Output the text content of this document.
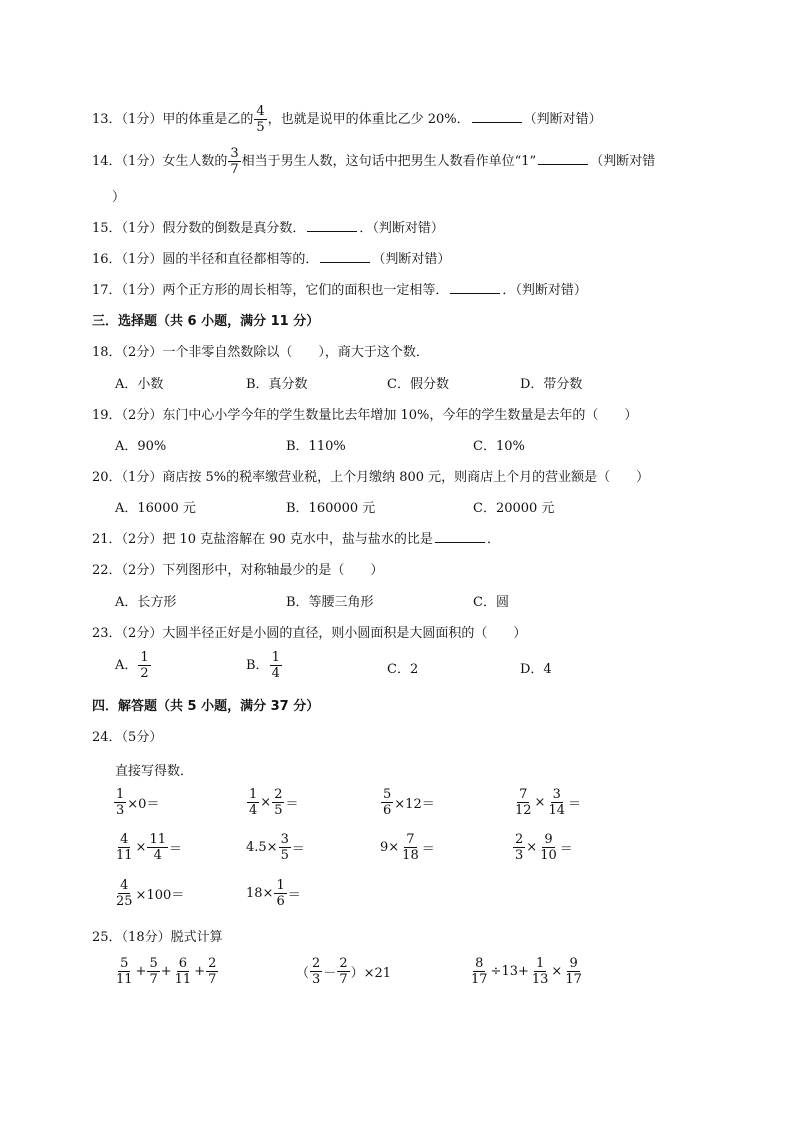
13．（1分）甲的体重是乙的 $\frac{4}{5}$ ，也就是说甲的体重比乙少 20%．	（判断对错）
14．（1分）女生人数的 $\frac{3}{7}$ 相当于男生人数，这句话中把男生人数看作单位“1”	（判断对错
）
15．（1分）假分数的倒数是真分数．	．（判断对错）
16．（1分）圆的半径和直径都相等的．	（判断对错）
17．（1分）两个正方形的周长相等，它们的面积也一定相等．	．（判断对错）
三．选择题（共 6 小题，满分 11 分）
18．（2分）一个非零自然数除以（　　），商大于这个数．
A．小数	B．真分数	C．假分数	D．带分数
19．（2分）东门中心小学今年的学生数量比去年增加 10%，今年的学生数量是去年的（　　）
A．90%	B．110%	C．10%
20．（1分）商店按 5%的税率缴营业税，上个月缴纳 800 元，则商店上个月的营业额是（　　）
A．16000 元	B．160000 元	C．20000 元
21．（2分）把 10 克盐溶解在 90 克水中，盐与盐水的比是	．
22．（2分）下列图形中，对称轴最少的是（　　）
A．长方形	B．等腰三角形	C．圆
23．（2分）大圆半径正好是小圆的直径，则小圆面积是大圆面积的（　　）
A． $\frac{1}{2}$	B． $\frac{1}{4}$	C．2	D．4
四．解答题（共 5 小题，满分 37 分）
24．（5分）
直接写得数．
$\frac{1}{3} \times 0=$	$\frac{1}{4} \times \frac{2}{5}$ ＝	$\frac{5}{6} \times 12=$	$\frac{7}{12} \times \frac{3}{14}$ ＝
$\frac{4}{11} \times \frac{11}{4}$ ＝	$4.5\times \frac{3}{5}$ ＝	$9\times \frac{7}{18}$ ＝	$\frac{2}{3} \times \frac{9}{10}$ ＝
$\frac{4}{25} \times 100=$	$18\times \frac{1}{6}$ ＝
25．（18分）脱式计算
$\frac{5}{11} + \frac{5}{7} + \frac{6}{11} + \frac{2}{7}$	（ $\frac{2}{3} - \frac{2}{7} )\times 21$	$\frac{8}{17} \div 13+ \frac{1}{13} \times \frac{9}{17}$
